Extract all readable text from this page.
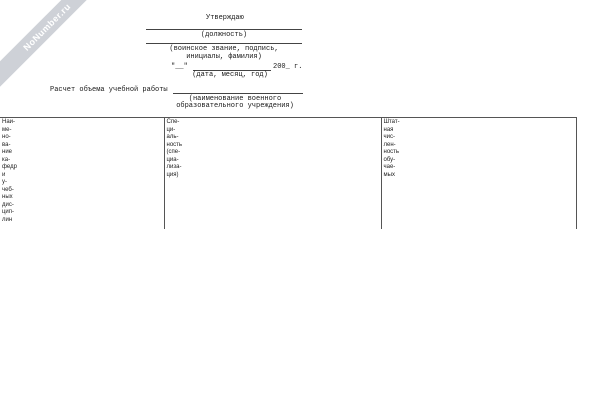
NoNumber.ru	Утверждаю
(должность)
(воинское звание, подпись,
инициалы, фамилия)
"__"	200_ г.
(дата, месяц, год)
Расчет объема учебной работы
(наименование военного
образовательного учреждения)
Наи-
ме-
но-
ва-
ние
ка-
федр
и
у-
чеб-
ных
дис-
цип-
лин

Спе-
ци-
аль-
ность
(спе-
циа-
лиза-
ция)

Штат-
ная
чис-
лен-
ность
обу-
чае-
мых
